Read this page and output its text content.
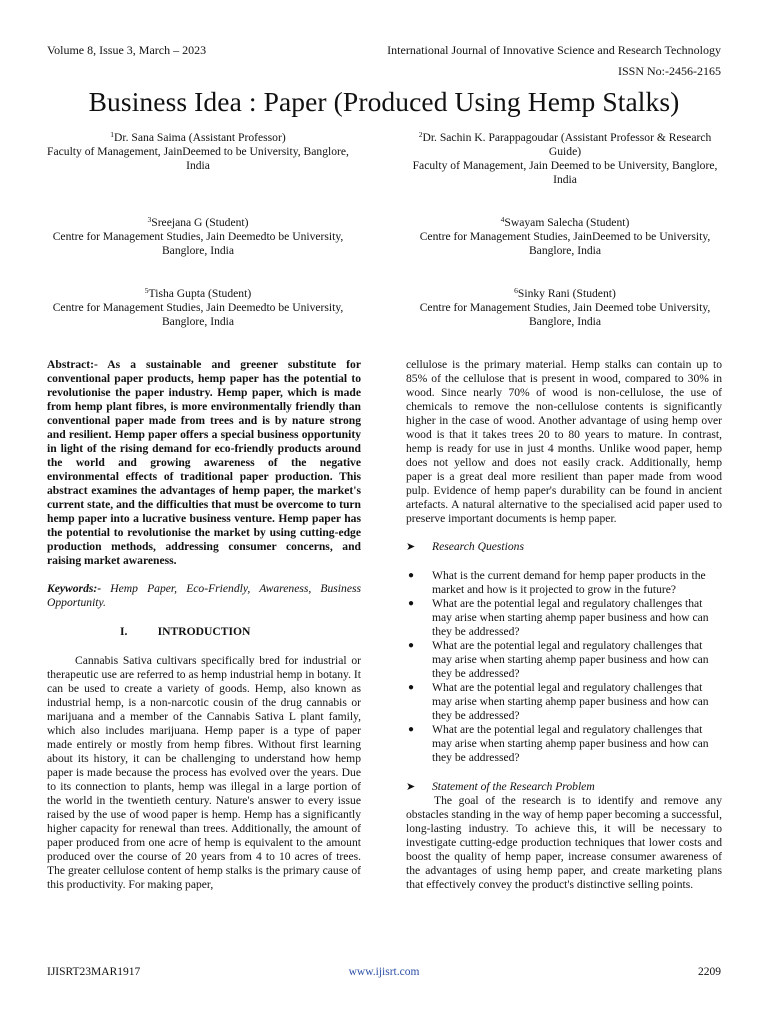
Volume 8, Issue 3, March – 2023	International Journal of Innovative Science and Research Technology
ISSN No:-2456-2165
Business Idea : Paper (Produced Using Hemp Stalks)
$^1$Dr. Sana Saima (Assistant Professor)
Faculty of Management, JainDeemed to be University, Banglore, India
$^2$Dr. Sachin K. Parappagoudar (Assistant Professor & Research Guide)
Faculty of Management, Jain Deemed to be University, Banglore, India
$^3$Sreejana G (Student)
Centre for Management Studies, Jain Deemedto be University, Banglore, India
$^4$Swayam Salecha (Student)
Centre for Management Studies, JainDeemed to be University, Banglore, India
$^5$Tisha Gupta (Student)
Centre for Management Studies, Jain Deemedto be University, Banglore, India
$^6$Sinky Rani (Student)
Centre for Management Studies, Jain Deemed tobe University, Banglore, India
Abstract:- As a sustainable and greener substitute for conventional paper products, hemp paper has the potential to revolutionise the paper industry. Hemp paper, which is made from hemp plant fibres, is more environmentally friendly than conventional paper made from trees and is by nature strong and resilient. Hemp paper offers a special business opportunity in light of the rising demand for eco-friendly products around the world and growing awareness of the negative environmental effects of traditional paper production. This abstract examines the advantages of hemp paper, the market's current state, and the difficulties that must be overcome to turn hemp paper into a lucrative business venture. Hemp paper has the potential to revolutionise the market by using cutting-edge production methods, addressing consumer concerns, and raising market awareness.
Keywords:- Hemp Paper, Eco-Friendly, Awareness, Business Opportunity.
I.	INTRODUCTION
Cannabis Sativa cultivars specifically bred for industrial or therapeutic use are referred to as hemp industrial hemp in botany. It can be used to create a variety of goods. Hemp, also known as industrial hemp, is a non-narcotic cousin of the drug cannabis or marijuana and a member of the Cannabis Sativa L plant family, which also includes marijuana. Hemp paper is a type of paper made entirely or mostly from hemp fibres. Without first learning about its history, it can be challenging to understand how hemp paper is made because the process has evolved over the years. Due to its connection to plants, hemp was illegal in a large portion of the world in the twentieth century. Nature's answer to every issue raised by the use of wood paper is hemp. Hemp has a significantly higher capacity for renewal than trees. Additionally, the amount of paper produced from one acre of hemp is equivalent to the amount produced over the course of 20 years from 4 to 10 acres of trees. The greater cellulose content of hemp stalks is the primary cause of this productivity. For making paper,
cellulose is the primary material. Hemp stalks can contain up to 85% of the cellulose that is present in wood, compared to 30% in wood. Since nearly 70% of wood is non-cellulose, the use of chemicals to remove the non-cellulose contents is significantly higher in the case of wood. Another advantage of using hemp over wood is that it takes trees 20 to 80 years to mature. In contrast, hemp is ready for use in just 4 months. Unlike wood paper, hemp does not yellow and does not easily crack. Additionally, hemp paper is a great deal more resilient than paper made from wood pulp. Evidence of hemp paper's durability can be found in ancient artefacts. A natural alternative to the specialised acid paper used to preserve important documents is hemp paper.
➤ Research Questions
● What is the current demand for hemp paper products in the market and how is it projected to grow in the future?
● What are the potential legal and regulatory challenges that may arise when starting ahemp paper business and how can they be addressed?
● What are the potential legal and regulatory challenges that may arise when starting ahemp paper business and how can they be addressed?
● What are the potential legal and regulatory challenges that may arise when starting ahemp paper business and how can they be addressed?
● What are the potential legal and regulatory challenges that may arise when starting ahemp paper business and how can they be addressed?
➤ Statement of the Research Problem
The goal of the research is to identify and remove any obstacles standing in the way of hemp paper becoming a successful, long-lasting industry. To achieve this, it will be necessary to investigate cutting-edge production techniques that lower costs and boost the quality of hemp paper, increase consumer awareness of the advantages of using hemp paper, and create marketing plans that effectively convey the product's distinctive selling points.
IJISRT23MAR1917	www.ijisrt.com	2209
